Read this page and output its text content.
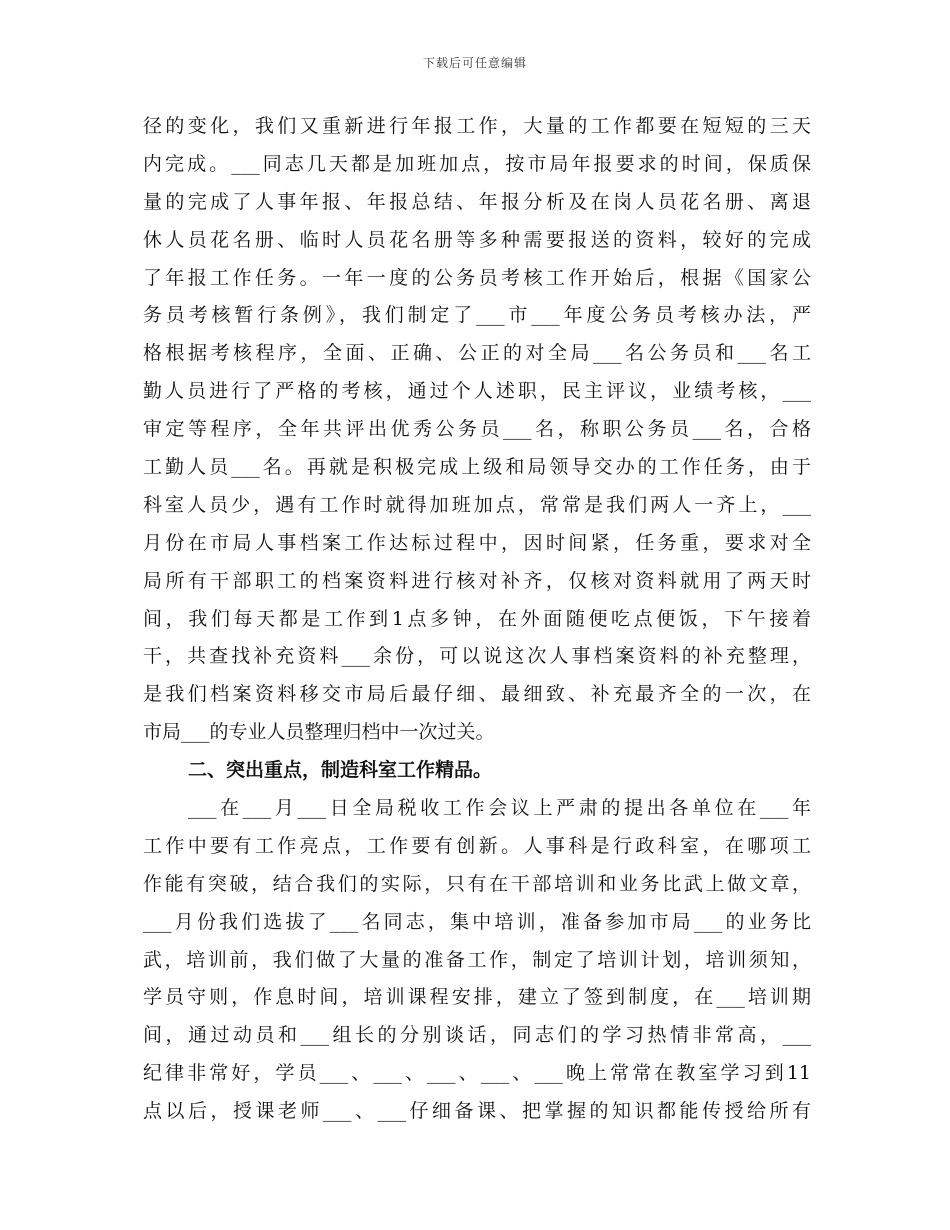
下载后可任意编辑
径的变化，我们又重新进行年报工作，大量的工作都要在短短的三天
内完成。___同志几天都是加班加点，按市局年报要求的时间，保质保
量的完成了人事年报、年报总结、年报分析及在岗人员花名册、离退
休人员花名册、临时人员花名册等多种需要报送的资料，较好的完成
了年报工作任务。一年一度的公务员考核工作开始后，根据《国家公
务员考核暂行条例》，我们制定了___市___年度公务员考核办法，严
格根据考核程序，全面、正确、公正的对全局___名公务员和___名工
勤人员进行了严格的考核，通过个人述职，民主评议，业绩考核，___
审定等程序，全年共评出优秀公务员___名，称职公务员___名，合格
工勤人员___名。再就是积极完成上级和局领导交办的工作任务，由于
科室人员少，遇有工作时就得加班加点，常常是我们两人一齐上，___
月份在市局人事档案工作达标过程中，因时间紧，任务重，要求对全
局所有干部职工的档案资料进行核对补齐，仅核对资料就用了两天时
间，我们每天都是工作到1点多钟，在外面随便吃点便饭，下午接着
干，共查找补充资料___余份，可以说这次人事档案资料的补充整理，
是我们档案资料移交市局后最仔细、最细致、补充最齐全的一次，在
市局___的专业人员整理归档中一次过关。
二、突出重点，制造科室工作精品。
___在___月___日全局税收工作会议上严肃的提出各单位在___年
工作中要有工作亮点，工作要有创新。人事科是行政科室，在哪项工
作能有突破，结合我们的实际，只有在干部培训和业务比武上做文章，
___月份我们选拔了___名同志，集中培训，准备参加市局___的业务比
武，培训前，我们做了大量的准备工作，制定了培训计划，培训须知，
学员守则，作息时间，培训课程安排，建立了签到制度，在___培训期
间，通过动员和___组长的分别谈话，同志们的学习热情非常高，___
纪律非常好，学员___、___、___、___、___晚上常常在教室学习到11
点以后，授课老师___、___仔细备课、把掌握的知识都能传授给所有
